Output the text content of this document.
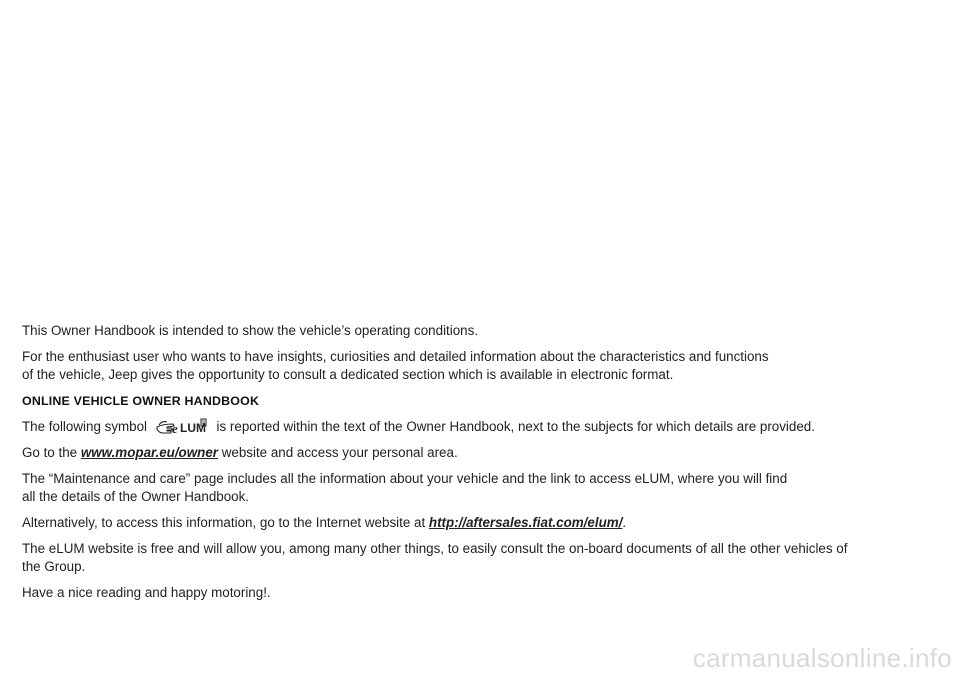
This Owner Handbook is intended to show the vehicle’s operating conditions.

For the enthusiast user who wants to have insights, curiosities and detailed information about the characteristics and functions
of the vehicle, Jeep gives the opportunity to consult a dedicated section which is available in electronic format.

ONLINE VEHICLE OWNER HANDBOOK

The following symbol e LUM is reported within the text of the Owner Handbook, next to the subjects for which details are provided.

Go to the www.mopar.eu/owner website and access your personal area.

The “Maintenance and care” page includes all the information about your vehicle and the link to access eLUM, where you will find
all the details of the Owner Handbook.

Alternatively, to access this information, go to the Internet website at http://aftersales.fiat.com/elum/.

The eLUM website is free and will allow you, among many other things, to easily consult the on-board documents of all the other vehicles of
the Group.

Have a nice reading and happy motoring!.

carmanualsonline.info
